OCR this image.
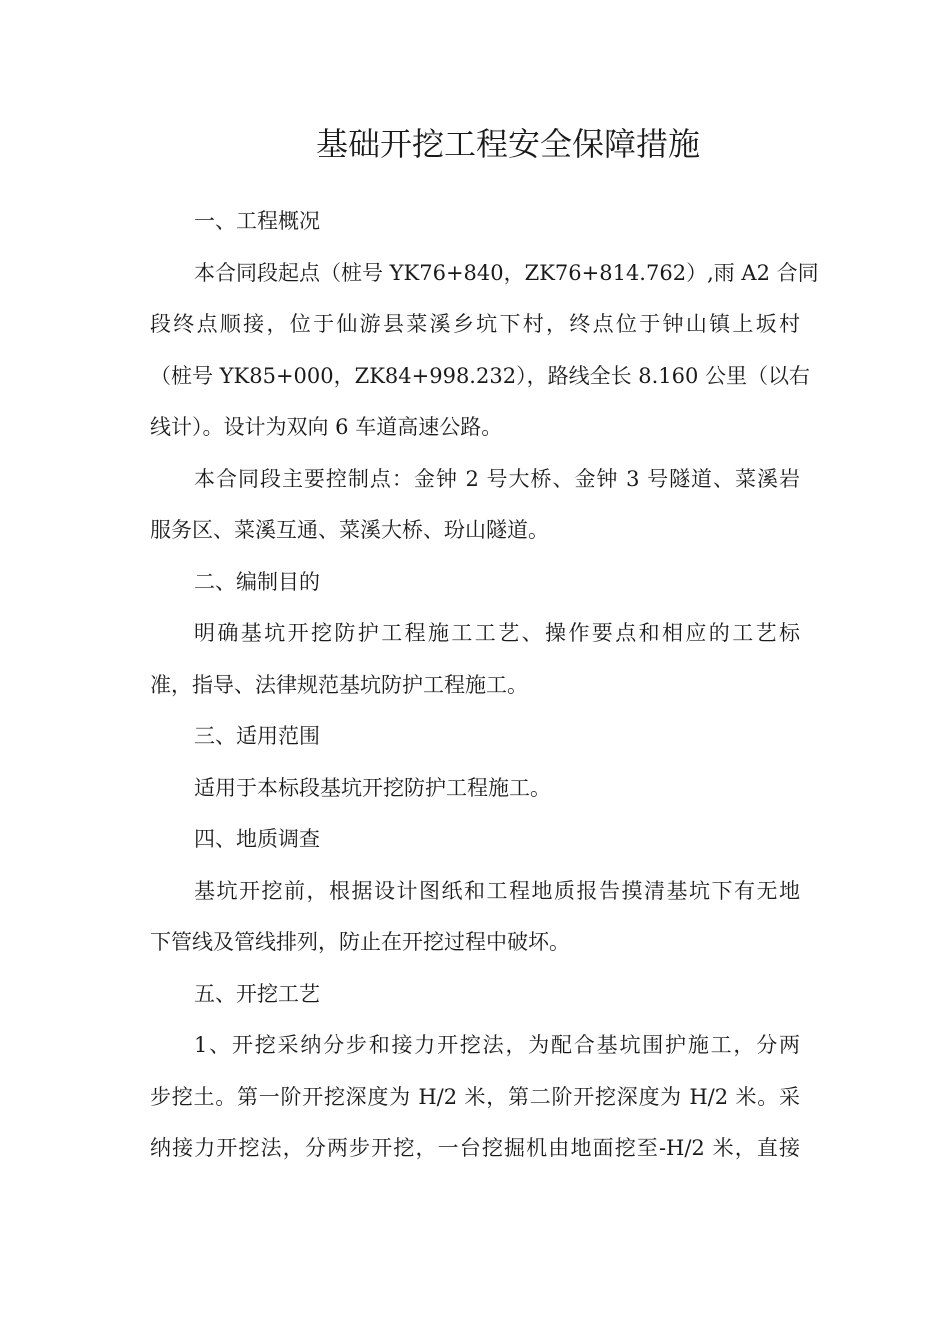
基础开挖工程安全保障措施
一、工程概况
本合同段起点（桩号 YK76+840，ZK76+814.762）,雨 A2 合同
段终点顺接，位于仙游县菜溪乡坑下村，终点位于钟山镇上坂村
（桩号 YK85+000，ZK84+998.232），路线全长 8.160 公里（以右
线计）。设计为双向 6 车道高速公路。
本合同段主要控制点：金钟 2 号大桥、金钟 3 号隧道、菜溪岩
服务区、菜溪互通、菜溪大桥、玢山隧道。
二、编制目的
明确基坑开挖防护工程施工工艺、操作要点和相应的工艺标
准，指导、法律规范基坑防护工程施工。
三、适用范围
适用于本标段基坑开挖防护工程施工。
四、地质调查
基坑开挖前，根据设计图纸和工程地质报告摸清基坑下有无地
下管线及管线排列，防止在开挖过程中破坏。
五、开挖工艺
1、开挖采纳分步和接力开挖法，为配合基坑围护施工，分两
步挖土。第一阶开挖深度为 H/2 米，第二阶开挖深度为 H/2 米。采
纳接力开挖法，分两步开挖，一台挖掘机由地面挖至-H/2 米，直接
